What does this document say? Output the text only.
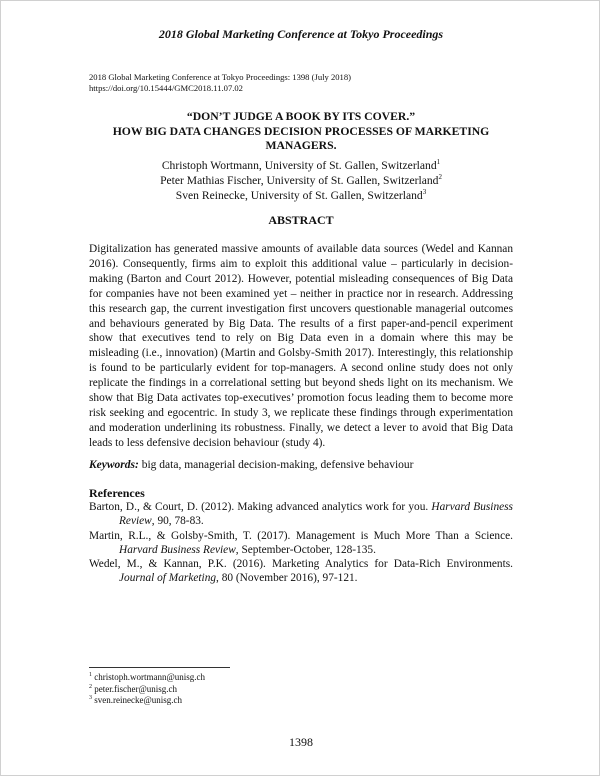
2018 Global Marketing Conference at Tokyo Proceedings
2018 Global Marketing Conference at Tokyo Proceedings: 1398 (July 2018)
https://doi.org/10.15444/GMC2018.11.07.02
“DON’T JUDGE A BOOK BY ITS COVER.”
HOW BIG DATA CHANGES DECISION PROCESSES OF MARKETING MANAGERS.
Christoph Wortmann, University of St. Gallen, Switzerland$^1$
Peter Mathias Fischer, University of St. Gallen, Switzerland$^2$
Sven Reinecke, University of St. Gallen, Switzerland$^3$
ABSTRACT

Digitalization has generated massive amounts of available data sources (Wedel and Kannan 2016). Consequently, firms aim to exploit this additional value – particularly in decision-making (Barton and Court 2012). However, potential misleading consequences of Big Data for companies have not been examined yet – neither in practice nor in research. Addressing this research gap, the current investigation first uncovers questionable managerial outcomes and behaviours generated by Big Data. The results of a first paper-and-pencil experiment show that executives tend to rely on Big Data even in a domain where this may be misleading (i.e., innovation) (Martin and Golsby-Smith 2017). Interestingly, this relationship is found to be particularly evident for top-managers. A second online study does not only replicate the findings in a correlational setting but beyond sheds light on its mechanism. We show that Big Data activates top-executives’ promotion focus leading them to become more risk seeking and egocentric. In study 3, we replicate these findings through experimentation and moderation underlining its robustness. Finally, we detect a lever to avoid that Big Data leads to less defensive decision behaviour (study 4).

Keywords: big data, managerial decision-making, defensive behaviour
References

Barton, D., & Court, D. (2012). Making advanced analytics work for you. Harvard Business Review, 90, 78-83.

Martin, R.L., & Golsby-Smith, T. (2017). Management is Much More Than a Science. Harvard Business Review, September-October, 128-135.

Wedel, M., & Kannan, P.K. (2016). Marketing Analytics for Data-Rich Environments. Journal of Marketing, 80 (November 2016), 97-121.

$^1$ christoph.wortmann@unisg.ch
$^2$ peter.fischer@unisg.ch
$^3$ sven.reinecke@unisg.ch
1398
